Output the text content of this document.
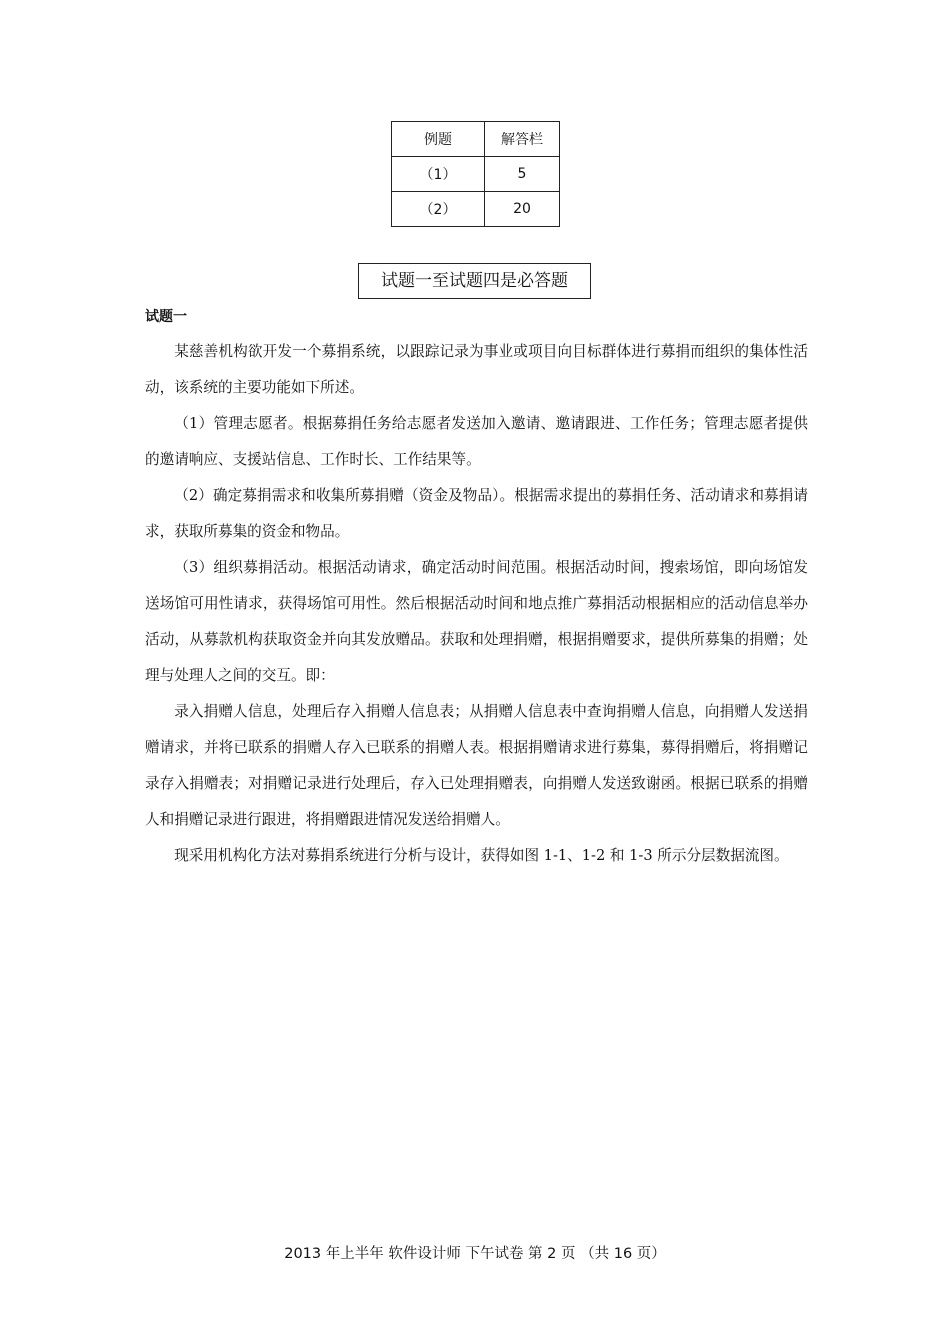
例题	解答栏
（1）	5
（2）	20
试题一至试题四是必答题
试题一

某慈善机构欲开发一个募捐系统，以跟踪记录为事业或项目向目标群体进行募捐而组织的集体性活动，该系统的主要功能如下所述。

（1）管理志愿者。根据募捐任务给志愿者发送加入邀请、邀请跟进、工作任务；管理志愿者提供的邀请响应、支援站信息、工作时长、工作结果等。

（2）确定募捐需求和收集所募捐赠（资金及物品）。根据需求提出的募捐任务、活动请求和募捐请求，获取所募集的资金和物品。

（3）组织募捐活动。根据活动请求，确定活动时间范围。根据活动时间，搜索场馆，即向场馆发送场馆可用性请求，获得场馆可用性。然后根据活动时间和地点推广募捐活动根据相应的活动信息举办活动，从募款机构获取资金并向其发放赠品。获取和处理捐赠，根据捐赠要求，提供所募集的捐赠；处理与处理人之间的交互。即：

录入捐赠人信息，处理后存入捐赠人信息表；从捐赠人信息表中查询捐赠人信息，向捐赠人发送捐赠请求，并将已联系的捐赠人存入已联系的捐赠人表。根据捐赠请求进行募集，募得捐赠后，将捐赠记录存入捐赠表；对捐赠记录进行处理后，存入已处理捐赠表，向捐赠人发送致谢函。根据已联系的捐赠人和捐赠记录进行跟进，将捐赠跟进情况发送给捐赠人。

现采用机构化方法对募捐系统进行分析与设计，获得如图 1-1、1-2 和 1-3 所示分层数据流图。

2013 年上半年 软件设计师 下午试卷 第 2 页 （共 16 页）
